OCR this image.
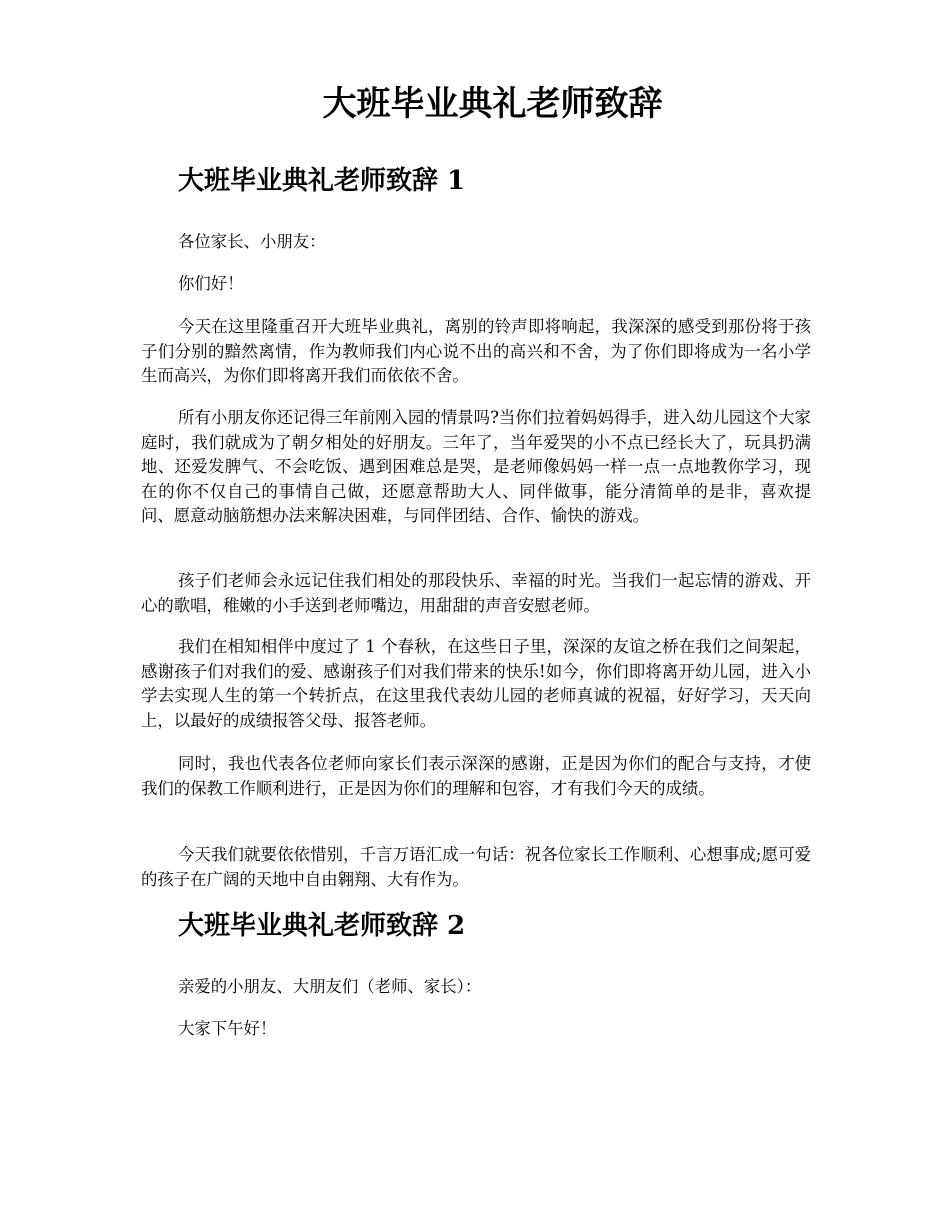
大班毕业典礼老师致辞
大班毕业典礼老师致辞 1

各位家长、小朋友：

你们好！

今天在这里隆重召开大班毕业典礼，离别的铃声即将响起，我深深的感受到那份将于孩子们分别的黯然离情，作为教师我们内心说不出的高兴和不舍，为了你们即将成为一名小学生而高兴，为你们即将离开我们而依依不舍。

所有小朋友你还记得三年前刚入园的情景吗?当你们拉着妈妈得手，进入幼儿园这个大家庭时，我们就成为了朝夕相处的好朋友。三年了，当年爱哭的小不点已经长大了，玩具扔满地、还爱发脾气、不会吃饭、遇到困难总是哭，是老师像妈妈一样一点一点地教你学习，现在的你不仅自己的事情自己做，还愿意帮助大人、同伴做事，能分清简单的是非，喜欢提问、愿意动脑筋想办法来解决困难，与同伴团结、合作、愉快的游戏。

孩子们老师会永远记住我们相处的那段快乐、幸福的时光。当我们一起忘情的游戏、开心的歌唱，稚嫩的小手送到老师嘴边，用甜甜的声音安慰老师。

我们在相知相伴中度过了 1 个春秋，在这些日子里，深深的友谊之桥在我们之间架起，感谢孩子们对我们的爱、感谢孩子们对我们带来的快乐!如今，你们即将离开幼儿园，进入小学去实现人生的第一个转折点，在这里我代表幼儿园的老师真诚的祝福，好好学习，天天向上，以最好的成绩报答父母、报答老师。

同时，我也代表各位老师向家长们表示深深的感谢，正是因为你们的配合与支持，才使我们的保教工作顺利进行，正是因为你们的理解和包容，才有我们今天的成绩。

今天我们就要依依惜别，千言万语汇成一句话：祝各位家长工作顺利、心想事成;愿可爱的孩子在广阔的天地中自由翱翔、大有作为。

大班毕业典礼老师致辞 2

亲爱的小朋友、大朋友们（老师、家长）：

大家下午好！
